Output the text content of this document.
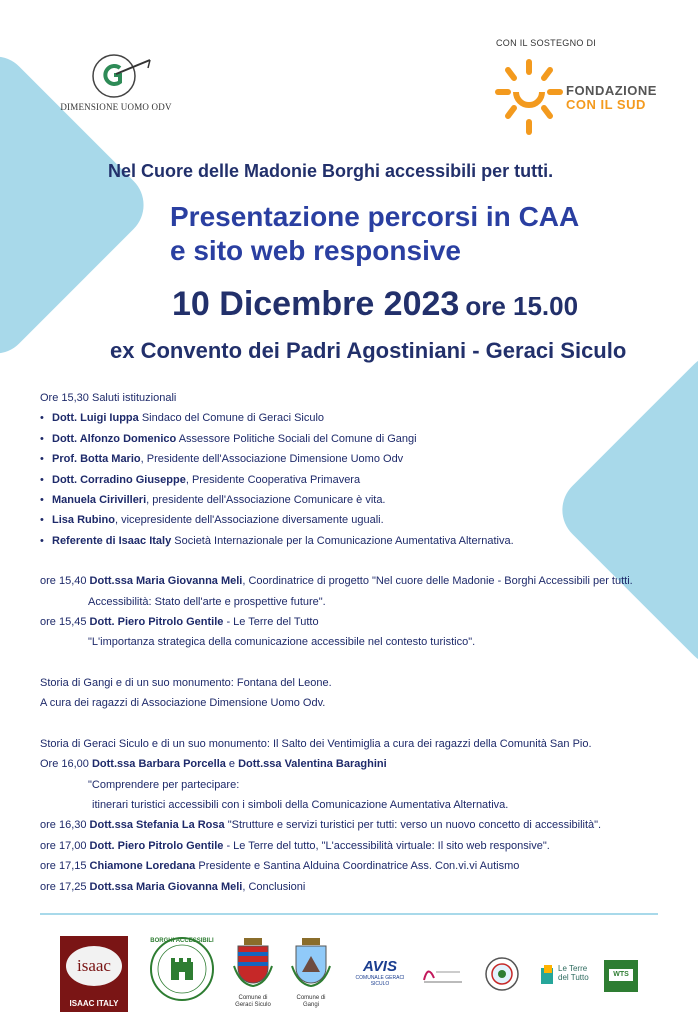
DIMENSIONE UOMO ODV
CON IL SOSTEGNO DI
FONDAZIONE
CON IL SUD
Nel Cuore delle Madonie Borghi accessibili per tutti.
Presentazione percorsi in CAA
e sito web responsive
10 Dicembre 2023 ore 15.00
ex Convento dei Padri Agostiniani - Geraci Siculo
Ore 15,30 Saluti istituzionali
• Dott. Luigi Iuppa Sindaco del Comune di Geraci Siculo
• Dott. Alfonzo Domenico Assessore Politiche Sociali del Comune di Gangi
• Prof. Botta Mario, Presidente dell'Associazione Dimensione Uomo Odv
• Dott. Corradino Giuseppe, Presidente Cooperativa Primavera
• Manuela Cirivilleri, presidente dell'Associazione Comunicare è vita.
• Lisa Rubino, vicepresidente dell'Associazione diversamente uguali.
• Referente di Isaac Italy Società Internazionale per la Comunicazione Aumentativa Alternativa.
ore 15,40 Dott.ssa Maria Giovanna Meli, Coordinatrice di progetto "Nel cuore delle Madonie - Borghi Accessibili per tutti.
Accessibilità: Stato dell'arte e prospettive future".
ore 15,45 Dott. Piero Pitrolo Gentile - Le Terre del Tutto
"L'importanza strategica della comunicazione accessibile nel contesto turistico".
Storia di Gangi e di un suo monumento: Fontana del Leone.
A cura dei ragazzi di Associazione Dimensione Uomo Odv.
Storia di Geraci Siculo e di un suo monumento: Il Salto dei Ventimiglia a cura dei ragazzi della Comunità San Pio.
Ore 16,00 Dott.ssa Barbara Porcella e Dott.ssa Valentina Baraghini
"Comprendere per partecipare:
itinerari turistici accessibili con i simboli della Comunicazione Aumentativa Alternativa.
ore 16,30 Dott.ssa Stefania La Rosa "Strutture e servizi turistici per tutti: verso un nuovo concetto di accessibilità".
ore 17,00 Dott. Piero Pitrolo Gentile - Le Terre del tutto, "L'accessibilità virtuale: Il sito web responsive".
ore 17,15 Chiamone Loredana Presidente e Santina Alduina Coordinatrice Ass. Con.vi.vi Autismo
ore 17,25 Dott.ssa Maria Giovanna Meli, Conclusioni
isaac
ISAAC ITALY
BORGHI ACCESSIBILI
Comune di Geraci Siculo
Comune di Gangi
AVIS
COMUNALE GERACI SICULO
Le Terre
del Tutto	WTS
